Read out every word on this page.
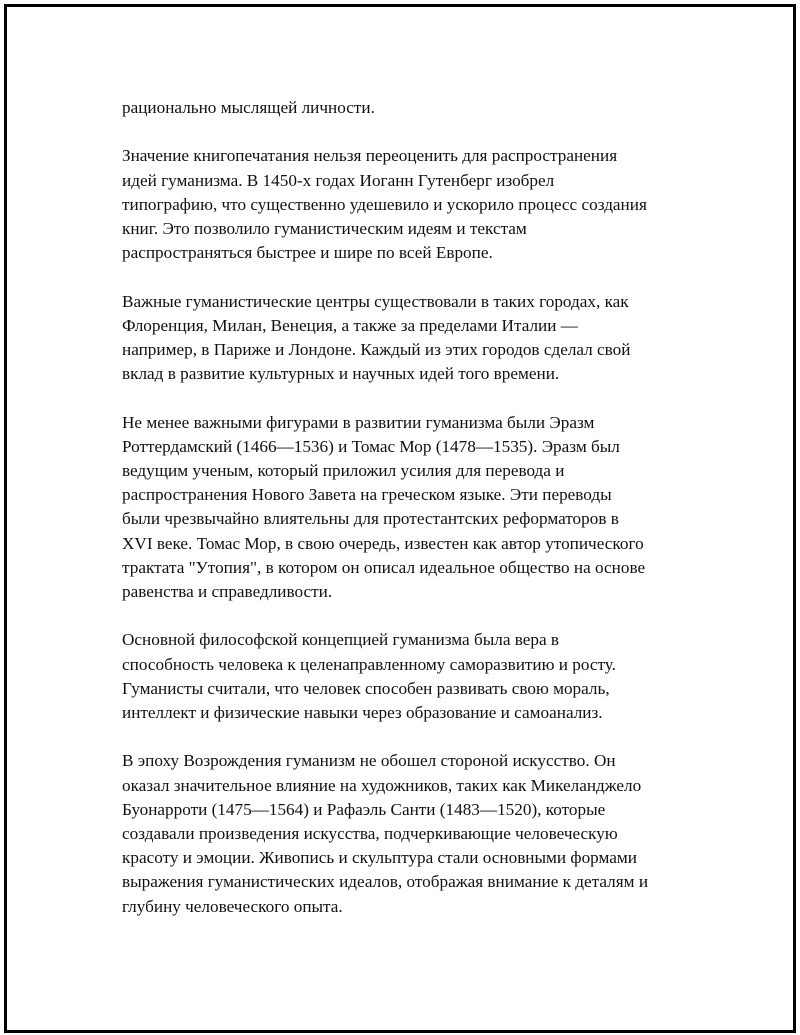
рационально мыслящей личности.

Значение книгопечатания нельзя переоценить для распространения
идей гуманизма. В 1450-х годах Иоганн Гутенберг изобрел
типографию, что существенно удешевило и ускорило процесс создания
книг. Это позволило гуманистическим идеям и текстам
распространяться быстрее и шире по всей Европе.

Важные гуманистические центры существовали в таких городах, как
Флоренция, Милан, Венеция, а также за пределами Италии —
например, в Париже и Лондоне. Каждый из этих городов сделал свой
вклад в развитие культурных и научных идей того времени.

Не менее важными фигурами в развитии гуманизма были Эразм
Роттердамский (1466—1536) и Томас Мор (1478—1535). Эразм был
ведущим ученым, который приложил усилия для перевода и
распространения Нового Завета на греческом языке. Эти переводы
были чрезвычайно влиятельны для протестантских реформаторов в
XVI веке. Томас Мор, в свою очередь, известен как автор утопического
трактата "Утопия", в котором он описал идеальное общество на основе
равенства и справедливости.

Основной философской концепцией гуманизма была вера в
способность человека к целенаправленному саморазвитию и росту.
Гуманисты считали, что человек способен развивать свою мораль,
интеллект и физические навыки через образование и самоанализ.

В эпоху Возрождения гуманизм не обошел стороной искусство. Он
оказал значительное влияние на художников, таких как Микеланджело
Буонарроти (1475—1564) и Рафаэль Санти (1483—1520), которые
создавали произведения искусства, подчеркивающие человеческую
красоту и эмоции. Живопись и скульптура стали основными формами
выражения гуманистических идеалов, отображая внимание к деталям и
глубину человеческого опыта.
